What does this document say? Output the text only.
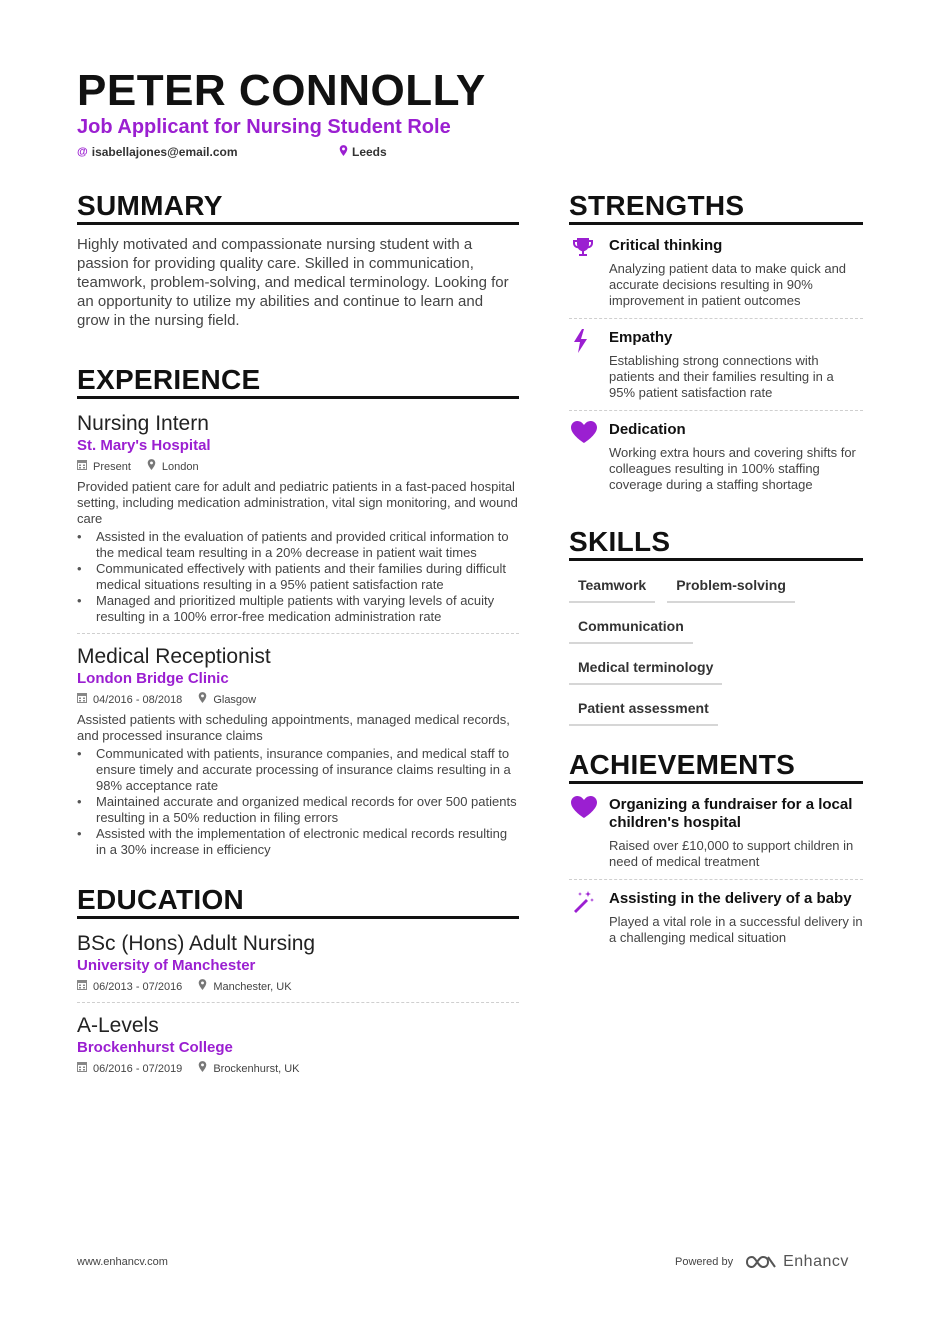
PETER CONNOLLY
Job Applicant for Nursing Student Role
@ isabellajones@email.com	Leeds
SUMMARY
Highly motivated and compassionate nursing student with a passion for providing quality care. Skilled in communication, teamwork, problem-solving, and medical terminology. Looking for an opportunity to utilize my abilities and continue to learn and grow in the nursing field.
EXPERIENCE
Nursing Intern
St. Mary's Hospital
Present	London
Provided patient care for adult and pediatric patients in a fast-paced hospital setting, including medication administration, vital sign monitoring, and wound care
• Assisted in the evaluation of patients and provided critical information to the medical team resulting in a 20% decrease in patient wait times
• Communicated effectively with patients and their families during difficult medical situations resulting in a 95% patient satisfaction rate
• Managed and prioritized multiple patients with varying levels of acuity resulting in a 100% error-free medication administration rate
Medical Receptionist
London Bridge Clinic
04/2016 - 08/2018	Glasgow
Assisted patients with scheduling appointments, managed medical records, and processed insurance claims
• Communicated with patients, insurance companies, and medical staff to ensure timely and accurate processing of insurance claims resulting in a 98% acceptance rate
• Maintained accurate and organized medical records for over 500 patients resulting in a 50% reduction in filing errors
• Assisted with the implementation of electronic medical records resulting in a 30% increase in efficiency
EDUCATION
BSc (Hons) Adult Nursing
University of Manchester
06/2013 - 07/2016	Manchester, UK
A-Levels
Brockenhurst College
06/2016 - 07/2019	Brockenhurst, UK
STRENGTHS
Critical thinking
Analyzing patient data to make quick and accurate decisions resulting in 90% improvement in patient outcomes
Empathy
Establishing strong connections with patients and their families resulting in a 95% patient satisfaction rate
Dedication
Working extra hours and covering shifts for colleagues resulting in 100% staffing coverage during a staffing shortage
SKILLS
Teamwork	Problem-solving
Communication
Medical terminology
Patient assessment
ACHIEVEMENTS
Organizing a fundraiser for a local children's hospital
Raised over £10,000 to support children in need of medical treatment
Assisting in the delivery of a baby
Played a vital role in a successful delivery in a challenging medical situation
www.enhancv.com	Powered by	Enhancv
